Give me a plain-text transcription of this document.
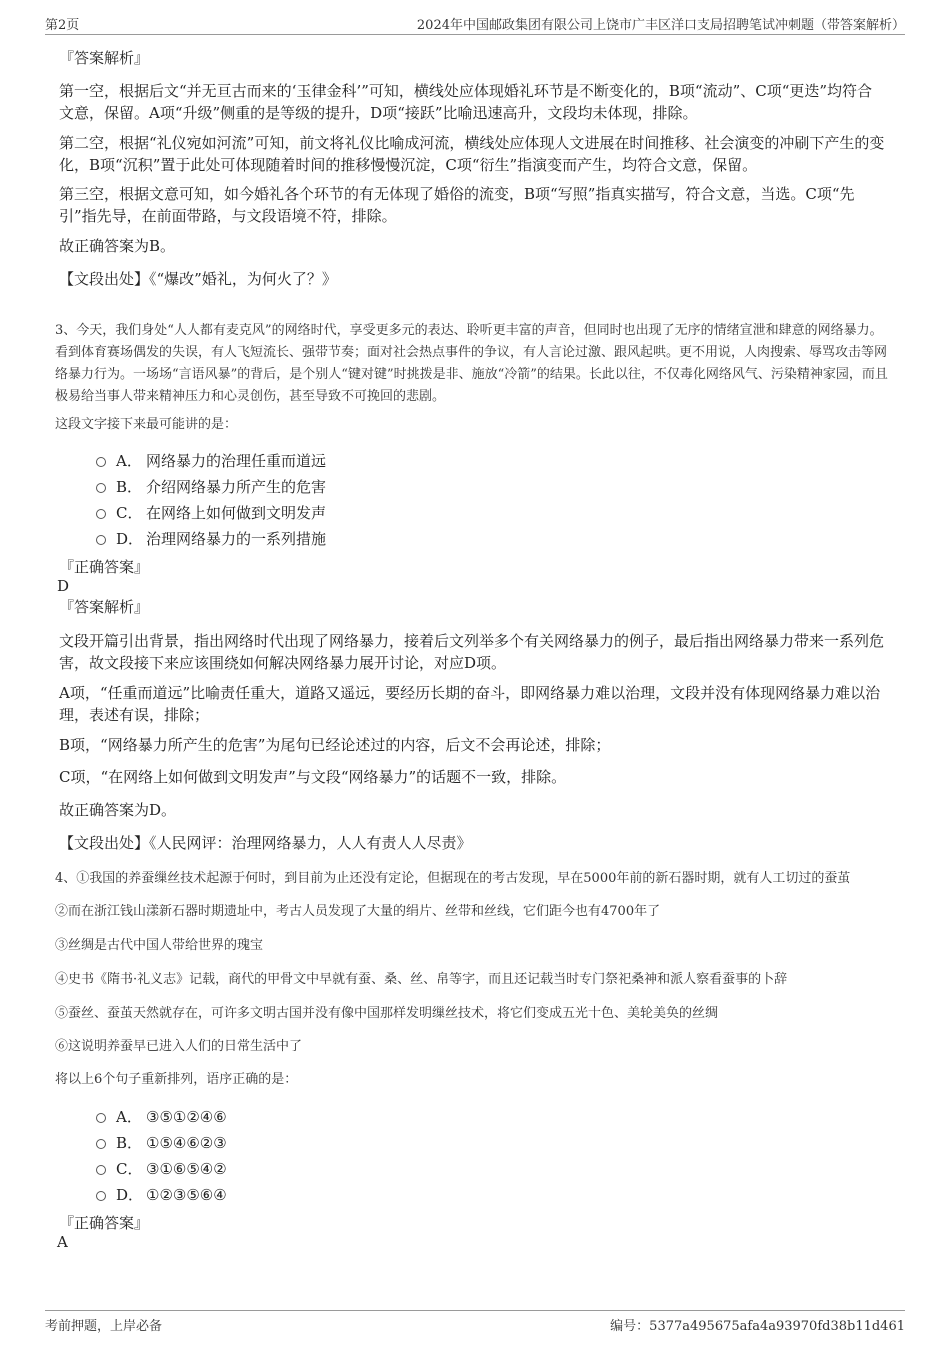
第2页	2024年中国邮政集团有限公司上饶市广丰区洋口支局招聘笔试冲刺题（带答案解析）
『答案解析』

第一空，根据后文“并无亘古而来的‘玉律金科’”可知，横线处应体现婚礼环节是不断变化的，B项“流动”、C项“更迭”均符合文意，保留。A项“升级”侧重的是等级的提升，D项“接跃”比喻迅速高升，文段均未体现，排除。

第二空，根据“礼仪宛如河流”可知，前文将礼仪比喻成河流，横线处应体现人文进展在时间推移、社会演变的冲刷下产生的变化，B项“沉积”置于此处可体现随着时间的推移慢慢沉淀，C项“衍生”指演变而产生，均符合文意，保留。

第三空，根据文意可知，如今婚礼各个环节的有无体现了婚俗的流变，B项“写照”指真实描写，符合文意，当选。C项“先引”指先导，在前面带路，与文段语境不符，排除。

故正确答案为B。

【文段出处】《“爆改”婚礼，为何火了？》

3、今天，我们身处“人人都有麦克风”的网络时代，享受更多元的表达、聆听更丰富的声音，但同时也出现了无序的情绪宣泄和肆意的网络暴力。看到体育赛场偶发的失误，有人飞短流长、强带节奏；面对社会热点事件的争议，有人言论过激、跟风起哄。更不用说，人肉搜索、辱骂攻击等网络暴力行为。一场场“言语风暴”的背后，是个别人“键对键”时挑拨是非、施放“冷箭”的结果。长此以往，不仅毒化网络风气、污染精神家园，而且极易给当事人带来精神压力和心灵创伤，甚至导致不可挽回的悲剧。

这段文字接下来最可能讲的是：

A． 网络暴力的治理任重而道远
B． 介绍网络暴力所产生的危害
C． 在网络上如何做到文明发声
D． 治理网络暴力的一系列措施
『正确答案』
D
『答案解析』

文段开篇引出背景，指出网络时代出现了网络暴力，接着后文列举多个有关网络暴力的例子，最后指出网络暴力带来一系列危害，故文段接下来应该围绕如何解决网络暴力展开讨论，对应D项。

A项，“任重而道远”比喻责任重大，道路又遥远，要经历长期的奋斗，即网络暴力难以治理，文段并没有体现网络暴力难以治理，表述有误，排除；

B项，“网络暴力所产生的危害”为尾句已经论述过的内容，后文不会再论述，排除；

C项，“在网络上如何做到文明发声”与文段“网络暴力”的话题不一致，排除。

故正确答案为D。

【文段出处】《人民网评：治理网络暴力，人人有责人人尽责》

4、①我国的养蚕缫丝技术起源于何时，到目前为止还没有定论，但据现在的考古发现，早在5000年前的新石器时期，就有人工切过的蚕茧

②而在浙江钱山漾新石器时期遗址中，考古人员发现了大量的绢片、丝带和丝线，它们距今也有4700年了

③丝绸是古代中国人带给世界的瑰宝

④史书《隋书·礼义志》记载，商代的甲骨文中早就有蚕、桑、丝、帛等字，而且还记载当时专门祭祀桑神和派人察看蚕事的卜辞

⑤蚕丝、蚕茧天然就存在，可许多文明古国并没有像中国那样发明缫丝技术，将它们变成五光十色、美轮美奂的丝绸

⑥这说明养蚕早已进入人们的日常生活中了

将以上6个句子重新排列，语序正确的是：

A． ③⑤①②④⑥
B． ①⑤④⑥②③
C． ③①⑥⑤④②
D． ①②③⑤⑥④
『正确答案』
A
考前押题，上岸必备	编号：5377a495675afa4a93970fd38b11d461
